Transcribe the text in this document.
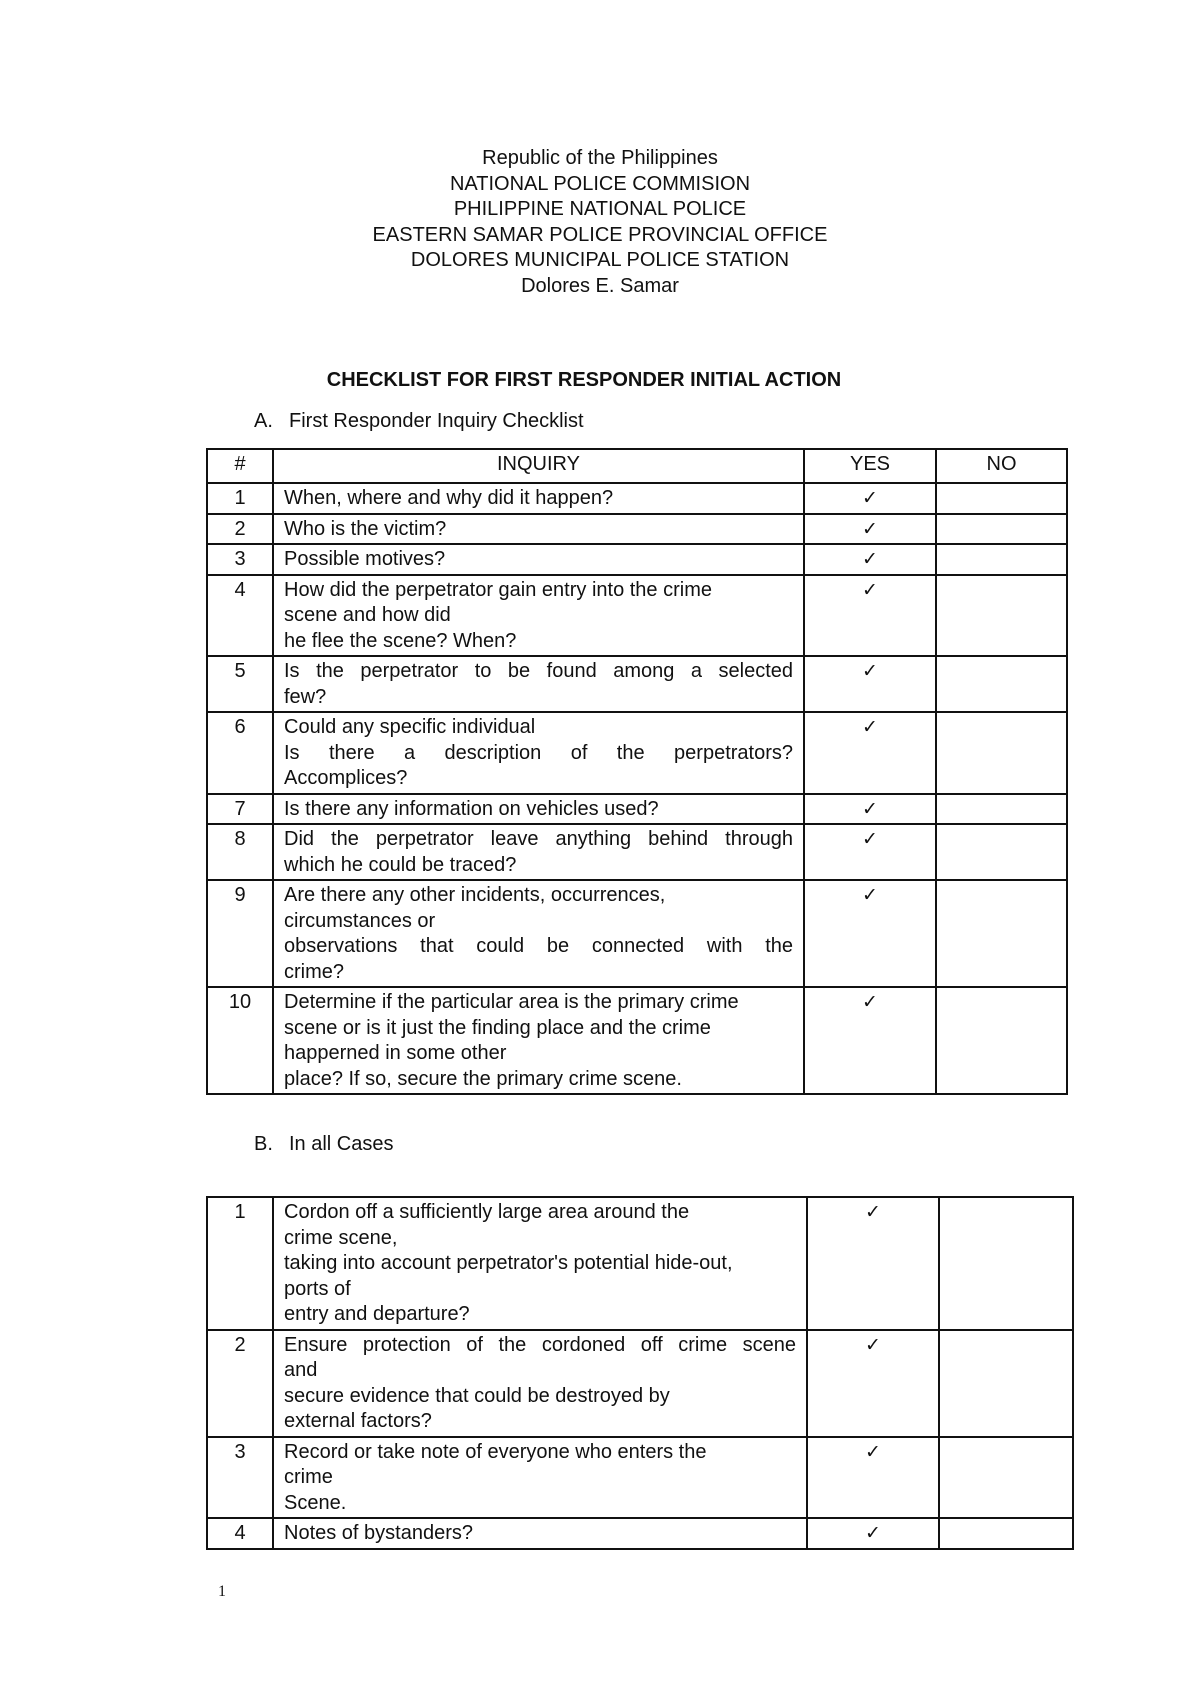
Republic of the Philippines
NATIONAL POLICE COMMISION
PHILIPPINE NATIONAL POLICE
EASTERN SAMAR POLICE PROVINCIAL OFFICE
DOLORES MUNICIPAL POLICE STATION
Dolores E. Samar
CHECKLIST FOR FIRST RESPONDER INITIAL ACTION
A. First Responder Inquiry Checklist
#	INQUIRY	YES	NO
1	When, where and why did it happen?	✓	
2	Who is the victim?	✓	
3	Possible motives?	✓	
4	How did the perpetrator gain entry into the crime
scene and how did
he flee the scene? When?	✓	
5	Is the perpetrator to be found among a selected
few?	✓	
6	Could any specific individual
Is there a description of the perpetrators?
Accomplices?	✓	
7	Is there any information on vehicles used?	✓	
8	Did the perpetrator leave anything behind through
which he could be traced?	✓	
9	Are there any other incidents, occurrences,
circumstances or
observations that could be connected with the
crime?	✓	
10	Determine if the particular area is the primary crime
scene or is it just the finding place and the crime
happerned in some other
place? If so, secure the primary crime scene.	✓	
B. In all Cases
1	Cordon off a sufficiently large area around the
crime scene,
taking into account perpetrator's potential hide-out,
ports of
entry and departure?	✓	
2	Ensure protection of the cordoned off crime scene
and
secure evidence that could be destroyed by
external factors?	✓	
3	Record or take note of everyone who enters the
crime
Scene.	✓	
4	Notes of bystanders?	✓	
1
